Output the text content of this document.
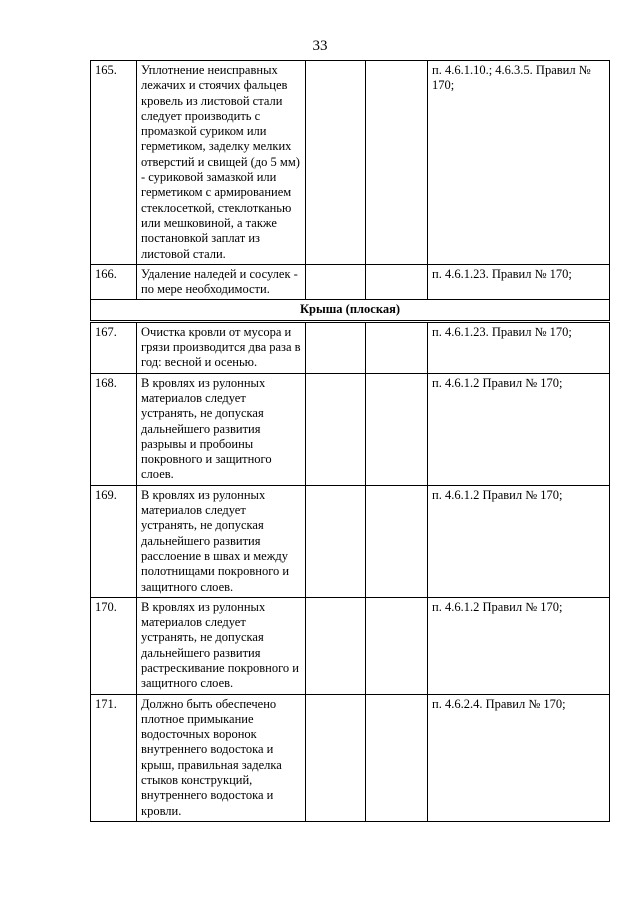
33
165.	Уплотнение неисправных лежачих и стоячих фальцев кровель из листовой стали следует производить с промазкой суриком или герметиком, заделку мелких отверстий и свищей (до 5 мм) - суриковой замазкой или герметиком с армированием стеклосеткой, стеклотканью или мешковиной, а также постановкой заплат из листовой стали.			п. 4.6.1.10.; 4.6.3.5. Правил № 170;
166.	Удаление наледей и сосулек - по мере необходимости.			п. 4.6.1.23. Правил № 170;
Крыша (плоская)				
167.	Очистка кровли от мусора и грязи производится два раза в год: весной и осенью.			п. 4.6.1.23. Правил № 170;
168.	В кровлях из рулонных материалов следует устранять, не допуская дальнейшего развития разрывы и пробоины покровного и защитного слоев.			п. 4.6.1.2 Правил № 170;
169.	В кровлях из рулонных материалов следует устранять, не допуская дальнейшего развития расслоение в швах и между полотнищами покровного и защитного слоев.			п. 4.6.1.2 Правил № 170;
170.	В кровлях из рулонных материалов следует устранять, не допуская дальнейшего развития растрескивание покровного и защитного слоев.			п. 4.6.1.2 Правил № 170;
171.	Должно быть обеспечено плотное примыкание водосточных воронок внутреннего водостока и крыш, правильная заделка стыков конструкций, внутреннего водостока и кровли.			п. 4.6.2.4. Правил № 170;
